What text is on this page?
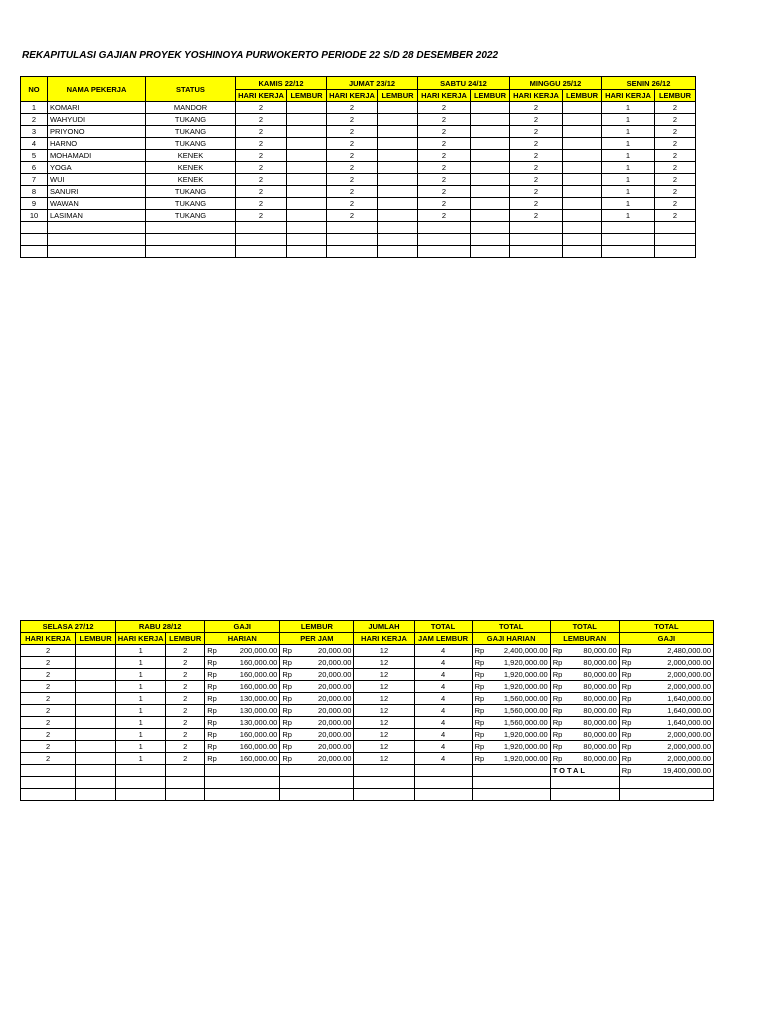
REKAPITULASI GAJIAN PROYEK YOSHINOYA PURWOKERTO PERIODE 22 S/D 28 DESEMBER 2022
NO	NAMA PEKERJA	STATUS	KAMIS 22/12		JUMAT 23/12		SABTU 24/12		MINGGU 25/12		SENIN 26/12	
			HARI KERJA	LEMBUR	HARI KERJA	LEMBUR	HARI KERJA	LEMBUR	HARI KERJA	LEMBUR	HARI KERJA	LEMBUR
1	KOMARI	MANDOR	2		2		2		2		1	2
2	WAHYUDI	TUKANG	2		2		2		2		1	2
3	PRIYONO	TUKANG	2		2		2		2		1	2
4	HARNO	TUKANG	2		2		2		2		1	2
5	MOHAMADI	KENEK	2		2		2		2		1	2
6	YOGA	KENEK	2		2		2		2		1	2
7	WUI	KENEK	2		2		2		2		1	2
8	SANURI	TUKANG	2		2		2		2		1	2
9	WAWAN	TUKANG	2		2		2		2		1	2
10	LASIMAN	TUKANG	2		2		2		2		1	2

SELASA 27/12		RABU 28/12		GAJI	LEMBUR	JUMLAH	TOTAL	TOTAL	TOTAL	TOTAL
HARI KERJA	LEMBUR	HARI KERJA	LEMBUR	HARIAN	PER JAM	HARI KERJA	JAM LEMBUR	GAJI HARIAN	LEMBURAN	GAJI
2		1	2	Rp 200,000.00	Rp 20,000.00	12	4	Rp 2,400,000.00	Rp 80,000.00	Rp 2,480,000.00

2		1	2	Rp 160,000.00	Rp 20,000.00	12	4	Rp 1,920,000.00	Rp 80,000.00	Rp 2,000,000.00

2		1	2	Rp 160,000.00	Rp 20,000.00	12	4	Rp 1,920,000.00	Rp 80,000.00	Rp 2,000,000.00

2		1	2	Rp 160,000.00	Rp 20,000.00	12	4	Rp 1,920,000.00	Rp 80,000.00	Rp 2,000,000.00

2		1	2	Rp 130,000.00	Rp 20,000.00	12	4	Rp 1,560,000.00	Rp 80,000.00	Rp 1,640,000.00

2		1	2	Rp 130,000.00	Rp 20,000.00	12	4	Rp 1,560,000.00	Rp 80,000.00	Rp 1,640,000.00

2		1	2	Rp 130,000.00	Rp 20,000.00	12	4	Rp 1,560,000.00	Rp 80,000.00	Rp 1,640,000.00

2		1	2	Rp 160,000.00	Rp 20,000.00	12	4	Rp 1,920,000.00	Rp 80,000.00	Rp 2,000,000.00

2		1	2	Rp 160,000.00	Rp 20,000.00	12	4	Rp 1,920,000.00	Rp 80,000.00	Rp 2,000,000.00

2		1	2	Rp 160,000.00	Rp 20,000.00	12	4	Rp 1,920,000.00	Rp 80,000.00	Rp 2,000,000.00

									TOTAL	Rp 19,400,000.00
